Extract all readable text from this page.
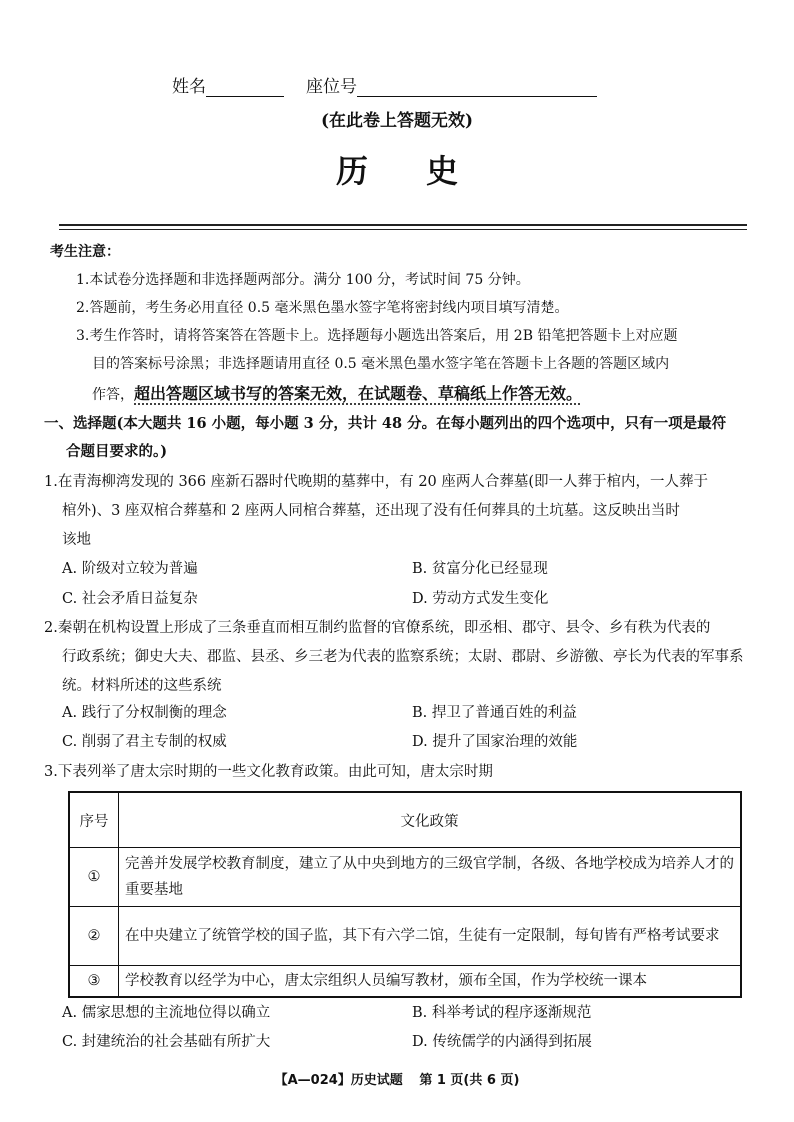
姓名	座位号
(在此卷上答题无效)
历史
考生注意：
1.本试卷分选择题和非选择题两部分。满分 100 分，考试时间 75 分钟。
2.答题前，考生务必用直径 0.5 毫米黑色墨水签字笔将密封线内项目填写清楚。
3.考生作答时，请将答案答在答题卡上。选择题每小题选出答案后，用 2B 铅笔把答题卡上对应题
目的答案标号涂黑；非选择题请用直径 0.5 毫米黑色墨水签字笔在答题卡上各题的答题区域内
作答，超出答题区域书写的答案无效，在试题卷、草稿纸上作答无效。
一、选择题(本大题共 16 小题，每小题 3 分，共计 48 分。在每小题列出的四个选项中，只有一项是最符
合题目要求的。)
1.在青海柳湾发现的 366 座新石器时代晚期的墓葬中，有 20 座两人合葬墓(即一人葬于棺内，一人葬于
棺外)、3 座双棺合葬墓和 2 座两人同棺合葬墓，还出现了没有任何葬具的土坑墓。这反映出当时
该地
A. 阶级对立较为普遍	B. 贫富分化已经显现
C. 社会矛盾日益复杂	D. 劳动方式发生变化
2.秦朝在机构设置上形成了三条垂直而相互制约监督的官僚系统，即丞相、郡守、县令、乡有秩为代表的
行政系统；御史大夫、郡监、县丞、乡三老为代表的监察系统；太尉、郡尉、乡游徼、亭长为代表的军事系
统。材料所述的这些系统
A. 践行了分权制衡的理念	B. 捍卫了普通百姓的利益
C. 削弱了君主专制的权威	D. 提升了国家治理的效能
3.下表列举了唐太宗时期的一些文化教育政策。由此可知，唐太宗时期
序号	文化政策
①	完善并发展学校教育制度，建立了从中央到地方的三级官学制，各级、各地学校成为培养人才的重要基地
②	在中央建立了统管学校的国子监，其下有六学二馆，生徒有一定限制，每旬皆有严格考试要求
③	学校教育以经学为中心，唐太宗组织人员编写教材，颁布全国，作为学校统一课本
A. 儒家思想的主流地位得以确立	B. 科举考试的程序逐渐规范
C. 封建统治的社会基础有所扩大	D. 传统儒学的内涵得到拓展
【A—024】历史试题 第 1 页(共 6 页)
